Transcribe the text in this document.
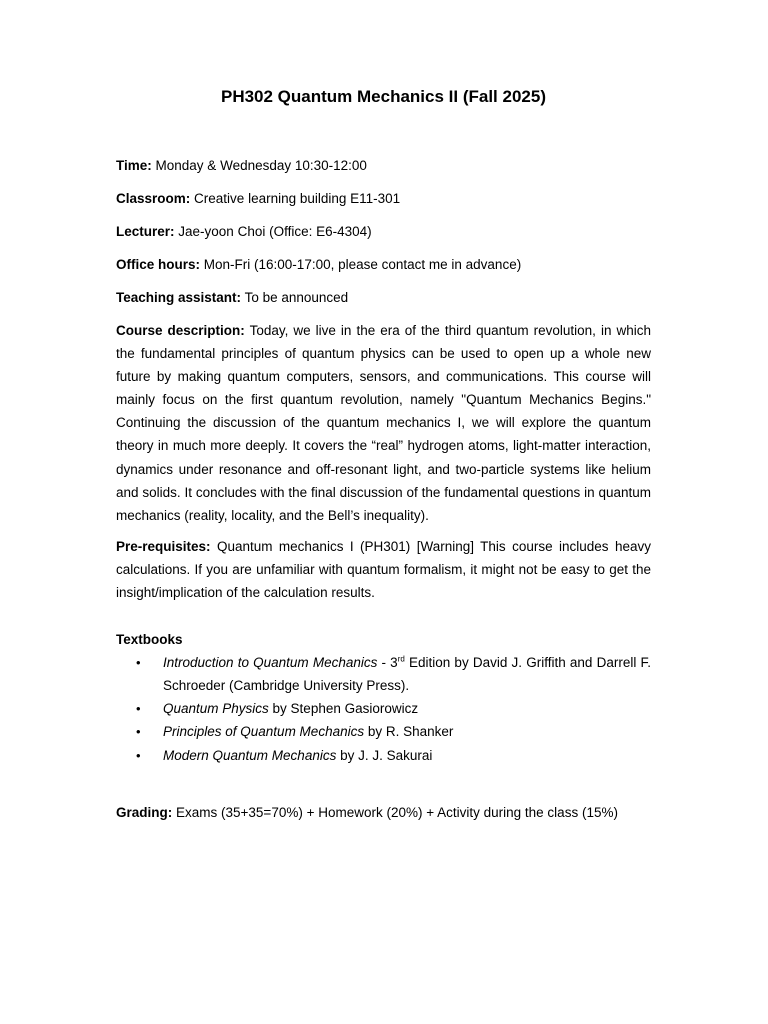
PH302 Quantum Mechanics II (Fall 2025)
Time: Monday & Wednesday 10:30-12:00
Classroom: Creative learning building E11-301
Lecturer: Jae-yoon Choi (Office: E6-4304)
Office hours: Mon-Fri (16:00-17:00, please contact me in advance)
Teaching assistant: To be announced
Course description: Today, we live in the era of the third quantum revolution, in which the fundamental principles of quantum physics can be used to open up a whole new future by making quantum computers, sensors, and communications. This course will mainly focus on the first quantum revolution, namely "Quantum Mechanics Begins." Continuing the discussion of the quantum mechanics I, we will explore the quantum theory in much more deeply. It covers the “real” hydrogen atoms, light-matter interaction, dynamics under resonance and off-resonant light, and two-particle systems like helium and solids. It concludes with the final discussion of the fundamental questions in quantum mechanics (reality, locality, and the Bell’s inequality).
Pre-requisites: Quantum mechanics I (PH301) [Warning] This course includes heavy calculations. If you are unfamiliar with quantum formalism, it might not be easy to get the insight/implication of the calculation results.
Textbooks
• Introduction to Quantum Mechanics - 3rd Edition by David J. Griffith and Darrell F. Schroeder (Cambridge University Press).
• Quantum Physics by Stephen Gasiorowicz
• Principles of Quantum Mechanics by R. Shanker
• Modern Quantum Mechanics by J. J. Sakurai
Grading: Exams (35+35=70%) + Homework (20%) + Activity during the class (15%)
